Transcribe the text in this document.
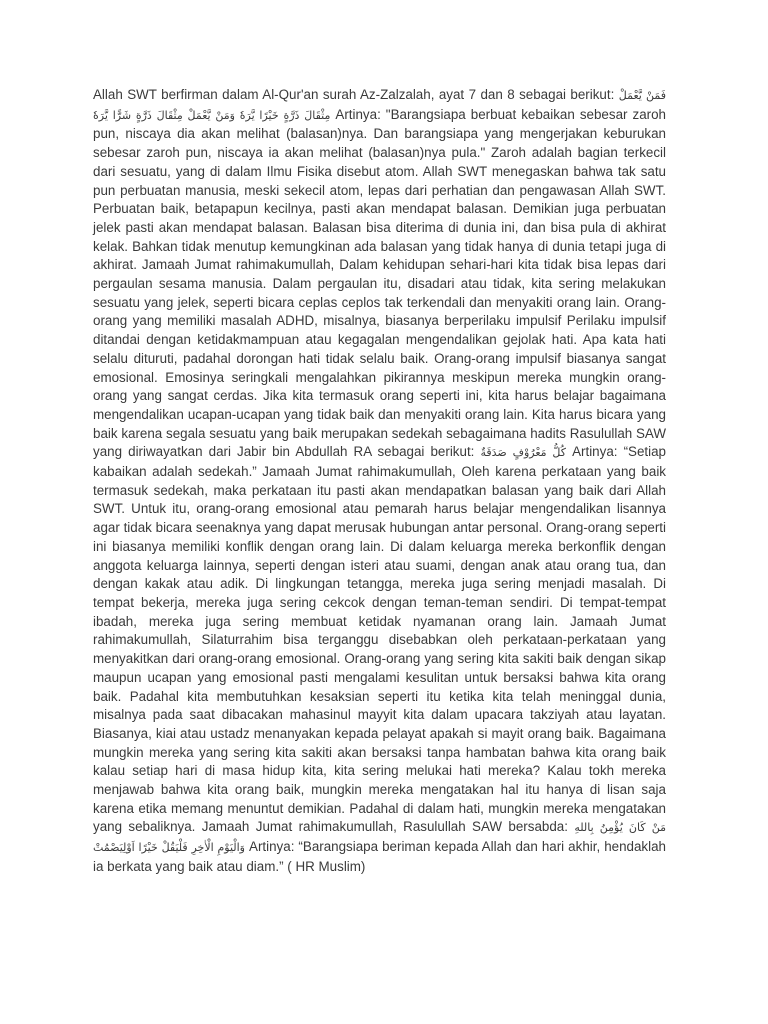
Allah SWT berfirman dalam Al-Qur'an surah Az-Zalzalah, ayat 7 dan 8 sebagai berikut: فَمَنْ يَّعْمَلْ مِثْقَالَ ذَرَّةٍ خَيْرًا يَّرَهٗ وَمَنْ يَّعْمَلْ مِثْقَالَ ذَرَّةٍ شَرًّا يَّرَهٗ Artinya: "Barangsiapa berbuat kebaikan sebesar zaroh pun, niscaya dia akan melihat (balasan)nya. Dan barangsiapa yang mengerjakan keburukan sebesar zaroh pun, niscaya ia akan melihat (balasan)nya pula." Zaroh adalah bagian terkecil dari sesuatu, yang di dalam Ilmu Fisika disebut atom. Allah SWT menegaskan bahwa tak satu pun perbuatan manusia, meski sekecil atom, lepas dari perhatian dan pengawasan Allah SWT. Perbuatan baik, betapapun kecilnya, pasti akan mendapat balasan. Demikian juga perbuatan jelek pasti akan mendapat balasan. Balasan bisa diterima di dunia ini, dan bisa pula di akhirat kelak. Bahkan tidak menutup kemungkinan ada balasan yang tidak hanya di dunia tetapi juga di akhirat. Jamaah Jumat rahimakumullah, Dalam kehidupan sehari-hari kita tidak bisa lepas dari pergaulan sesama manusia. Dalam pergaulan itu, disadari atau tidak, kita sering melakukan sesuatu yang jelek, seperti bicara ceplas ceplos tak terkendali dan menyakiti orang lain. Orang-orang yang memiliki masalah ADHD, misalnya, biasanya berperilaku impulsif Perilaku impulsif ditandai dengan ketidakmampuan atau kegagalan mengendalikan gejolak hati. Apa kata hati selalu dituruti, padahal dorongan hati tidak selalu baik. Orang-orang impulsif biasanya sangat emosional. Emosinya seringkali mengalahkan pikirannya meskipun mereka mungkin orang-orang yang sangat cerdas. Jika kita termasuk orang seperti ini, kita harus belajar bagaimana mengendalikan ucapan-ucapan yang tidak baik dan menyakiti orang lain. Kita harus bicara yang baik karena segala sesuatu yang baik merupakan sedekah sebagaimana hadits Rasulullah SAW yang diriwayatkan dari Jabir bin Abdullah RA sebagai berikut: كُلُّ مَعْرُوْفٍ صَدَقَةٌ Artinya: “Setiap kabaikan adalah sedekah.” Jamaah Jumat rahimakumullah, Oleh karena perkataan yang baik termasuk sedekah, maka perkataan itu pasti akan mendapatkan balasan yang baik dari Allah SWT. Untuk itu, orang-orang emosional atau pemarah harus belajar mengendalikan lisannya agar tidak bicara seenaknya yang dapat merusak hubungan antar personal. Orang-orang seperti ini biasanya memiliki konflik dengan orang lain. Di dalam keluarga mereka berkonflik dengan anggota keluarga lainnya, seperti dengan isteri atau suami, dengan anak atau orang tua, dan dengan kakak atau adik. Di lingkungan tetangga, mereka juga sering menjadi masalah. Di tempat bekerja, mereka juga sering cekcok dengan teman-teman sendiri. Di tempat-tempat ibadah, mereka juga sering membuat ketidak nyamanan orang lain. Jamaah Jumat rahimakumullah, Silaturrahim bisa terganggu disebabkan oleh perkataan-perkataan yang menyakitkan dari orang-orang emosional. Orang-orang yang sering kita sakiti baik dengan sikap maupun ucapan yang emosional pasti mengalami kesulitan untuk bersaksi bahwa kita orang baik. Padahal kita membutuhkan kesaksian seperti itu ketika kita telah meninggal dunia, misalnya pada saat dibacakan mahasinul mayyit kita dalam upacara takziyah atau layatan. Biasanya, kiai atau ustadz menanyakan kepada pelayat apakah si mayit orang baik. Bagaimana mungkin mereka yang sering kita sakiti akan bersaksi tanpa hambatan bahwa kita orang baik kalau setiap hari di masa hidup kita, kita sering melukai hati mereka? Kalau tokh mereka menjawab bahwa kita orang baik, mungkin mereka mengatakan hal itu hanya di lisan saja karena etika memang menuntut demikian. Padahal di dalam hati, mungkin mereka mengatakan yang sebaliknya. Jamaah Jumat rahimakumullah, Rasulullah SAW bersabda: مَنْ كَانَ يُؤْمِنُ بِاللهِ وَالْيَوْمِ الْاٰخِرِ فَلْيَقُلْ خَيْرًا اَوْلِيَصْمُتْ Artinya: “Barangsiapa beriman kepada Allah dan hari akhir, hendaklah ia berkata yang baik atau diam.” ( HR Muslim)
